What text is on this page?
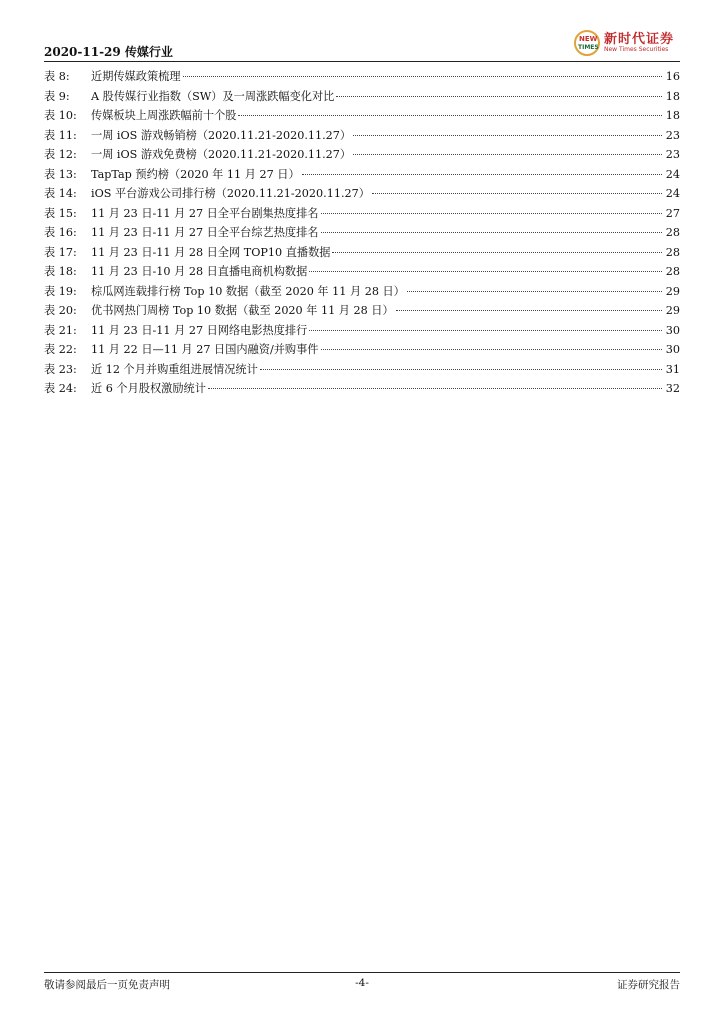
2020-11-29 传媒行业
NEW
TIMES
新时代证券
New Times Securities
表 8:	近期传媒政策梳理	16
表 9:	A 股传媒行业指数（SW）及一周涨跌幅变化对比	18
表 10:	传媒板块上周涨跌幅前十个股	18
表 11:	一周 iOS 游戏畅销榜（2020.11.21-2020.11.27）	23
表 12:	一周 iOS 游戏免费榜（2020.11.21-2020.11.27）	23
表 13:	TapTap 预约榜（2020 年 11 月 27 日）	24
表 14:	iOS 平台游戏公司排行榜（2020.11.21-2020.11.27）	24
表 15:	11 月 23 日-11 月 27 日全平台剧集热度排名	27
表 16:	11 月 23 日-11 月 27 日全平台综艺热度排名	28
表 17:	11 月 23 日-11 月 28 日全网 TOP10 直播数据	28
表 18:	11 月 23 日-10 月 28 日直播电商机构数据	28
表 19:	棕瓜网连载排行榜 Top 10 数据（截至 2020 年 11 月 28 日）	29
表 20:	优书网热门周榜 Top 10 数据（截至 2020 年 11 月 28 日）	29
表 21:	11 月 23 日-11 月 27 日网络电影热度排行	30
表 22:	11 月 22 日—11 月 27 日国内融资/并购事件	30
表 23:	近 12 个月并购重组进展情况统计	31
表 24:	近 6 个月股权激励统计	32
敬请参阅最后一页免责声明	-4-	证券研究报告
